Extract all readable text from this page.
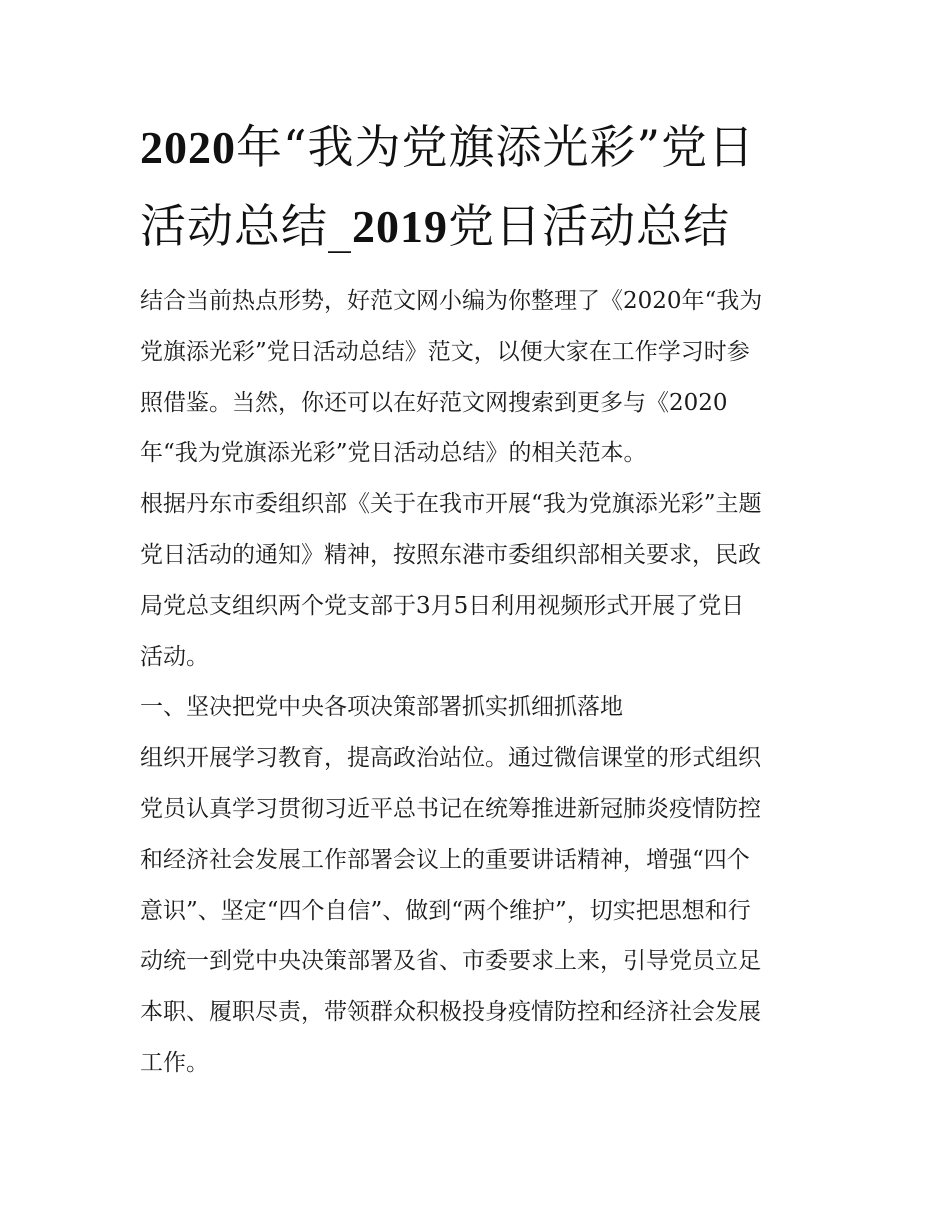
2020年“我为党旗添光彩”党日
活动总结_2019党日活动总结

结合当前热点形势，好范文网小编为你整理了《2020年“我为
党旗添光彩”党日活动总结》范文，以便大家在工作学习时参
照借鉴。当然，你还可以在好范文网搜索到更多与《2020
年“我为党旗添光彩”党日活动总结》的相关范本。

根据丹东市委组织部《关于在我市开展“我为党旗添光彩”主题
党日活动的通知》精神，按照东港市委组织部相关要求，民政
局党总支组织两个党支部于3月5日利用视频形式开展了党日
活动。

一、坚决把党中央各项决策部署抓实抓细抓落地

组织开展学习教育，提高政治站位。通过微信课堂的形式组织
党员认真学习贯彻习近平总书记在统筹推进新冠肺炎疫情防控
和经济社会发展工作部署会议上的重要讲话精神，增强“四个
意识”、坚定“四个自信”、做到“两个维护”，切实把思想和行
动统一到党中央决策部署及省、市委要求上来，引导党员立足
本职、履职尽责，带领群众积极投身疫情防控和经济社会发展
工作。
